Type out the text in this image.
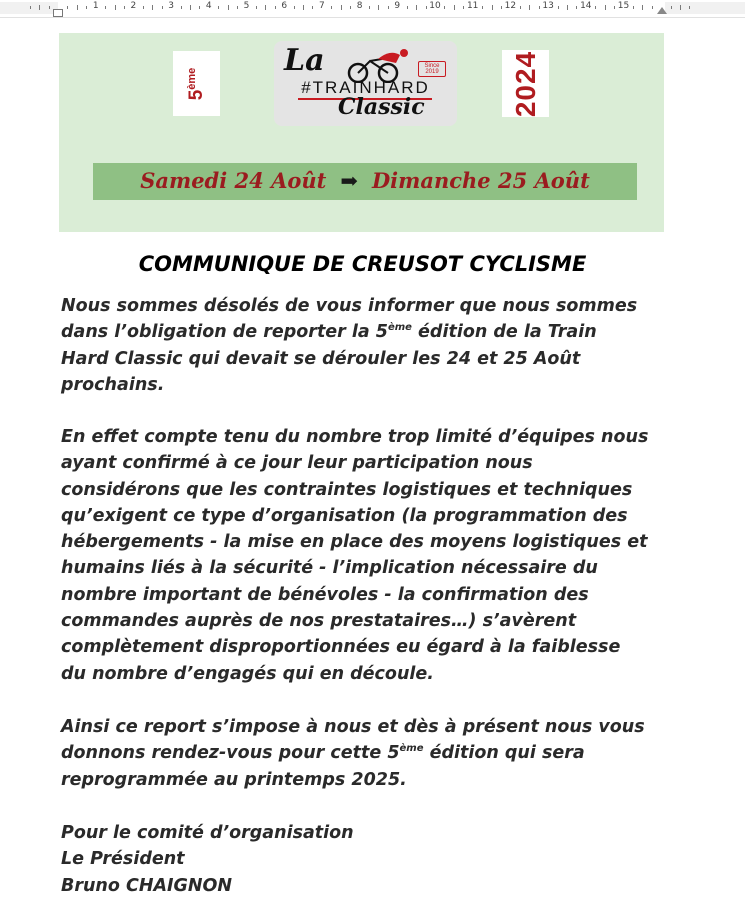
1	2	3	4	5	6	7	8	9	10	11	12	13	14	15
5ème
La	Since 2019
#TRAINHARD
Classic	2024
Samedi 24 Août ➡ Dimanche 25 Août
COMMUNIQUE DE CREUSOT CYCLISME
Nous sommes désolés de vous informer que nous sommes
dans l’obligation de reporter la 5ème édition de la Train
Hard Classic qui devait se dérouler les 24 et 25 Août
prochains.
En effet compte tenu du nombre trop limité d’équipes nous
ayant confirmé à ce jour leur participation nous
considérons que les contraintes logistiques et techniques
qu’exigent ce type d’organisation (la programmation des
hébergements - la mise en place des moyens logistiques et
humains liés à la sécurité - l’implication nécessaire du
nombre important de bénévoles - la confirmation des
commandes auprès de nos prestataires…) s’avèrent
complètement disproportionnées eu égard à la faiblesse
du nombre d’engagés qui en découle.
Ainsi ce report s’impose à nous et dès à présent nous vous
donnons rendez-vous pour cette 5ème édition qui sera
reprogrammée au printemps 2025.
Pour le comité d’organisation
Le Président
Bruno CHAIGNON
